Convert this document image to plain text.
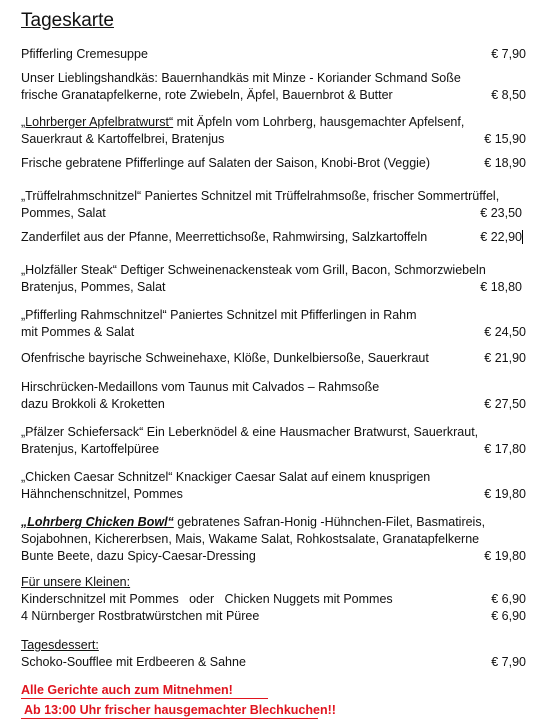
Tageskarte
Pfifferling Cremesuppe	€ 7,90
Unser Lieblingshandkäs: Bauernhandkäs mit Minze - Koriander Schmand Soße
frische Granatapfelkerne, rote Zwiebeln, Äpfel, Bauernbrot & Butter	€ 8,50
„Lohrberger Apfelbratwurst“ mit Äpfeln vom Lohrberg, hausgemachter Apfelsenf,
Sauerkraut & Kartoffelbrei, Bratenjus	€ 15,90
Frische gebratene Pfifferlinge auf Salaten der Saison, Knobi-Brot (Veggie)	€ 18,90
„Trüffelrahmschnitzel“ Paniertes Schnitzel mit Trüffelrahmsoße, frischer Sommertrüffel,
Pommes, Salat	€ 23,50
Zanderfilet aus der Pfanne, Meerrettichsoße, Rahmwirsing, Salzkartoffeln	€ 22,90
„Holzfäller Steak“ Deftiger Schweinenackensteak vom Grill, Bacon, Schmorzwiebeln
Bratenjus, Pommes, Salat	€ 18,80
„Pfifferling Rahmschnitzel“ Paniertes Schnitzel mit Pfifferlingen in Rahm
mit Pommes & Salat	€ 24,50
Ofenfrische bayrische Schweinehaxe, Klöße, Dunkelbiersoße, Sauerkraut	€ 21,90
Hirschrücken-Medaillons vom Taunus mit Calvados – Rahmsoße
dazu Brokkoli & Kroketten	€ 27,50
„Pfälzer Schiefersack“ Ein Leberknödel & eine Hausmacher Bratwurst, Sauerkraut,
Bratenjus, Kartoffelpüree	€ 17,80
„Chicken Caesar Schnitzel“ Knackiger Caesar Salat auf einem knusprigen
Hähnchenschnitzel, Pommes	€ 19,80
„Lohrberg Chicken Bowl“ gebratenes Safran-Honig -Hühnchen-Filet, Basmatireis,
Sojabohnen, Kichererbsen, Mais, Wakame Salat, Rohkostsalate, Granatapfelkerne
Bunte Beete, dazu Spicy-Caesar-Dressing	€ 19,80
Für unsere Kleinen:
Kinderschnitzel mit Pommes   oder   Chicken Nuggets mit Pommes	€ 6,90
4 Nürnberger Rostbratwürstchen mit Püree	€ 6,90
Tagesdessert:
Schoko-Soufflee mit Erdbeeren & Sahne	€ 7,90
Alle Gerichte auch zum Mitnehmen!
Ab 13:00 Uhr frischer hausgemachter Blechkuchen!!
